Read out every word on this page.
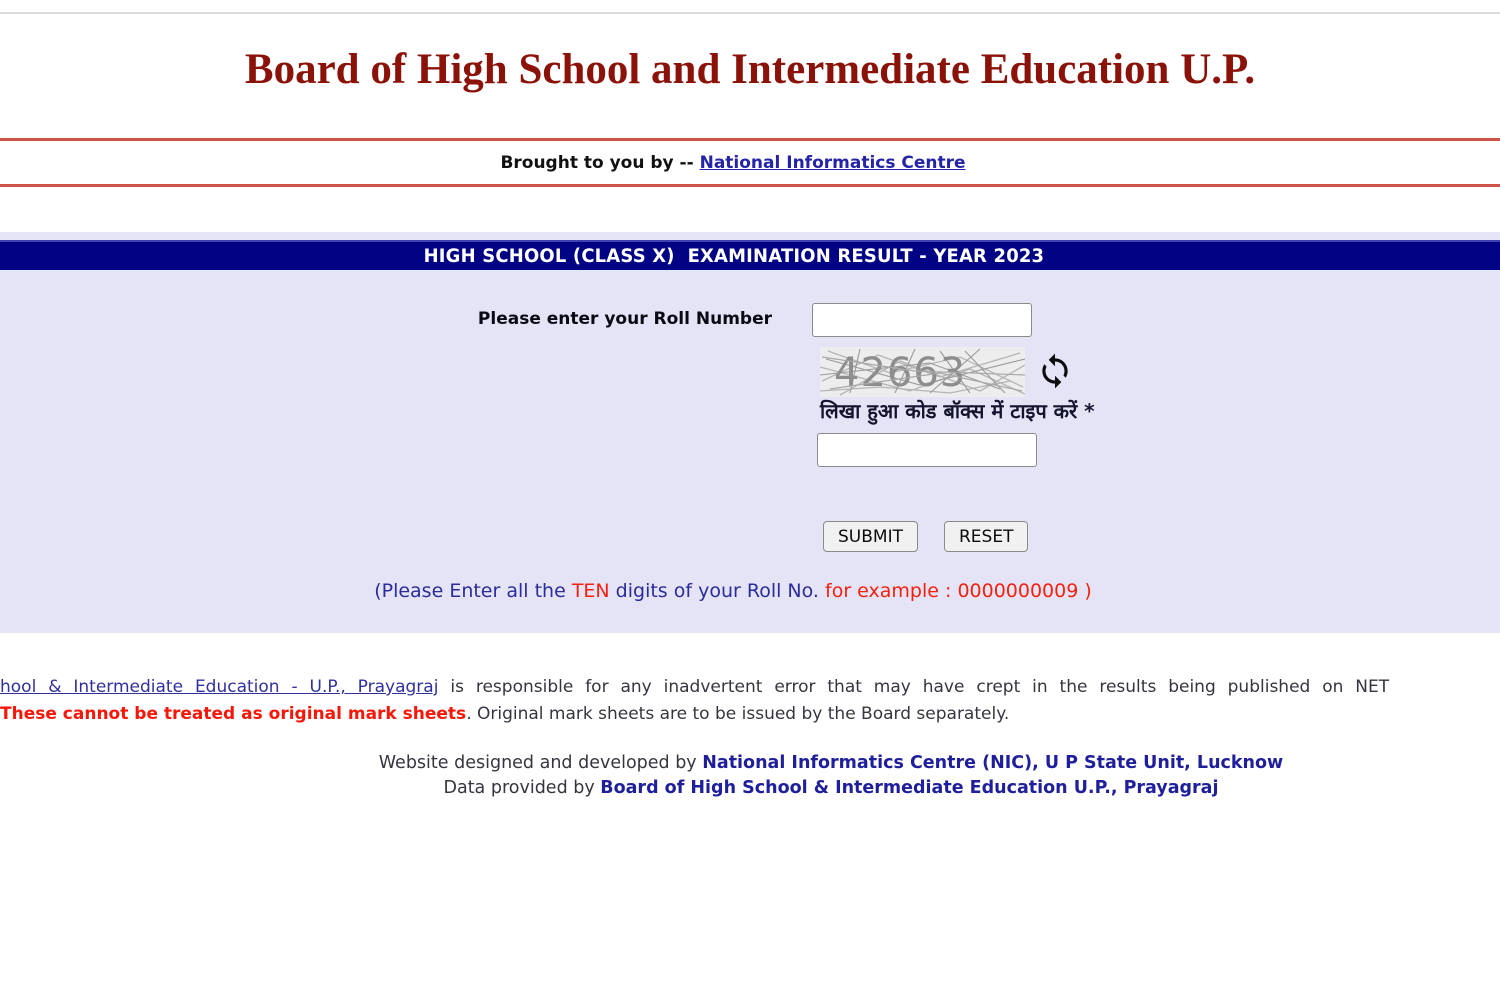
Board of High School and Intermediate Education U.P.
Brought to you by -- National Informatics Centre
HIGH SCHOOL (CLASS X)  EXAMINATION RESULT - YEAR 2023
Please enter your Roll Number
42663
लिखा हुआ कोड बॉक्स में टाइप करें *
SUBMIT	RESET
(Please Enter all the TEN digits of your Roll No. for example : 0000000009 )
hool & Intermediate Education - U.P., Prayagraj is responsible for any inadvertent error that may have crept in the results being published on NET
These cannot be treated as original mark sheets. Original mark sheets are to be issued by the Board separately.
Website designed and developed by National Informatics Centre (NIC), U P State Unit, Lucknow
Data provided by Board of High School & Intermediate Education U.P., Prayagraj
